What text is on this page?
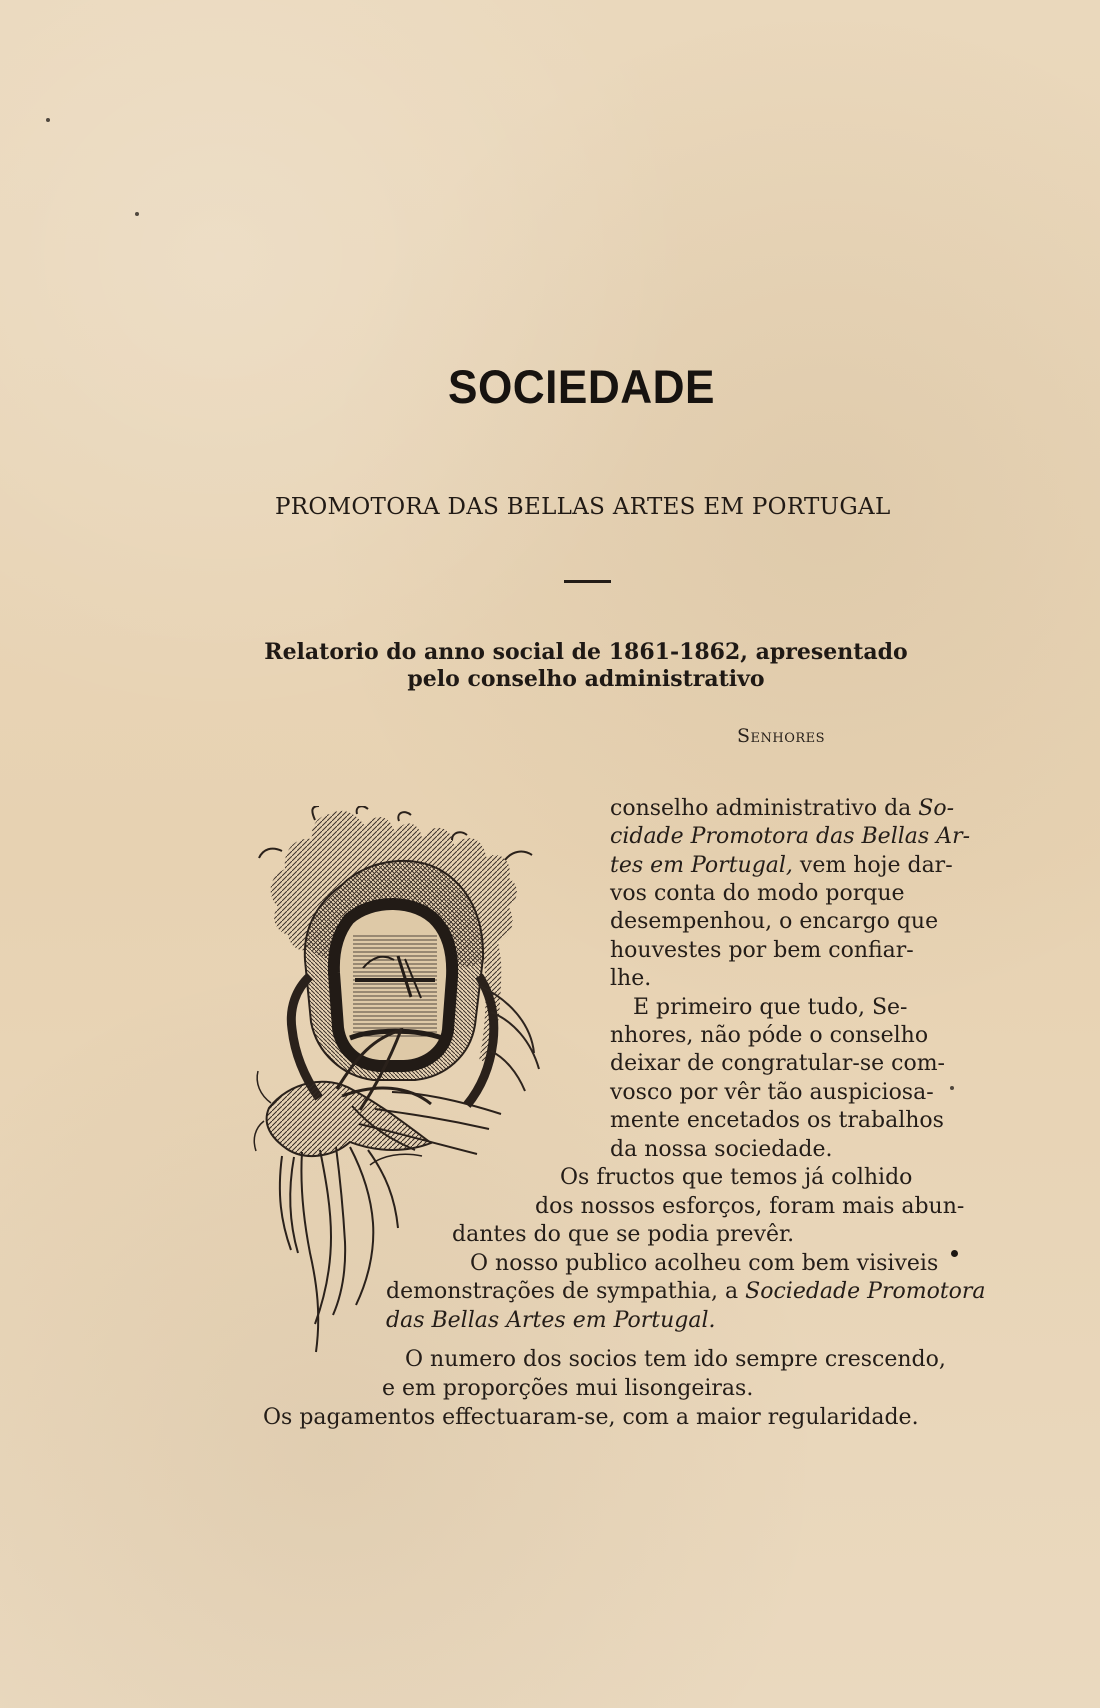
SOCIEDADE
PROMOTORA DAS BELLAS ARTES EM PORTUGAL
Relatorio do anno social de 1861-1862, apresentado pelo conselho administrativo
Senhores
conselho administrativo da So-
cidade Promotora das Bellas Ar-
tes em Portugal, vem hoje dar-
vos conta do modo porque
desempenhou, o encargo que
houvestes por bem confiar-
lhe.
E primeiro que tudo, Se-
nhores, não póde o conselho
deixar de congratular-se com-
vosco por vêr tão auspiciosa-
mente encetados os trabalhos
da nossa sociedade.
Os fructos que temos já colhido
dos nossos esforços, foram mais abun-
dantes do que se podia prevêr.
O nosso publico acolheu com bem visiveis
demonstrações de sympathia, a Sociedade Promotora
das Bellas Artes em Portugal.
O numero dos socios tem ido sempre crescendo,
e em proporções mui lisongeiras.
Os pagamentos effectuaram-se, com a maior regularidade.
